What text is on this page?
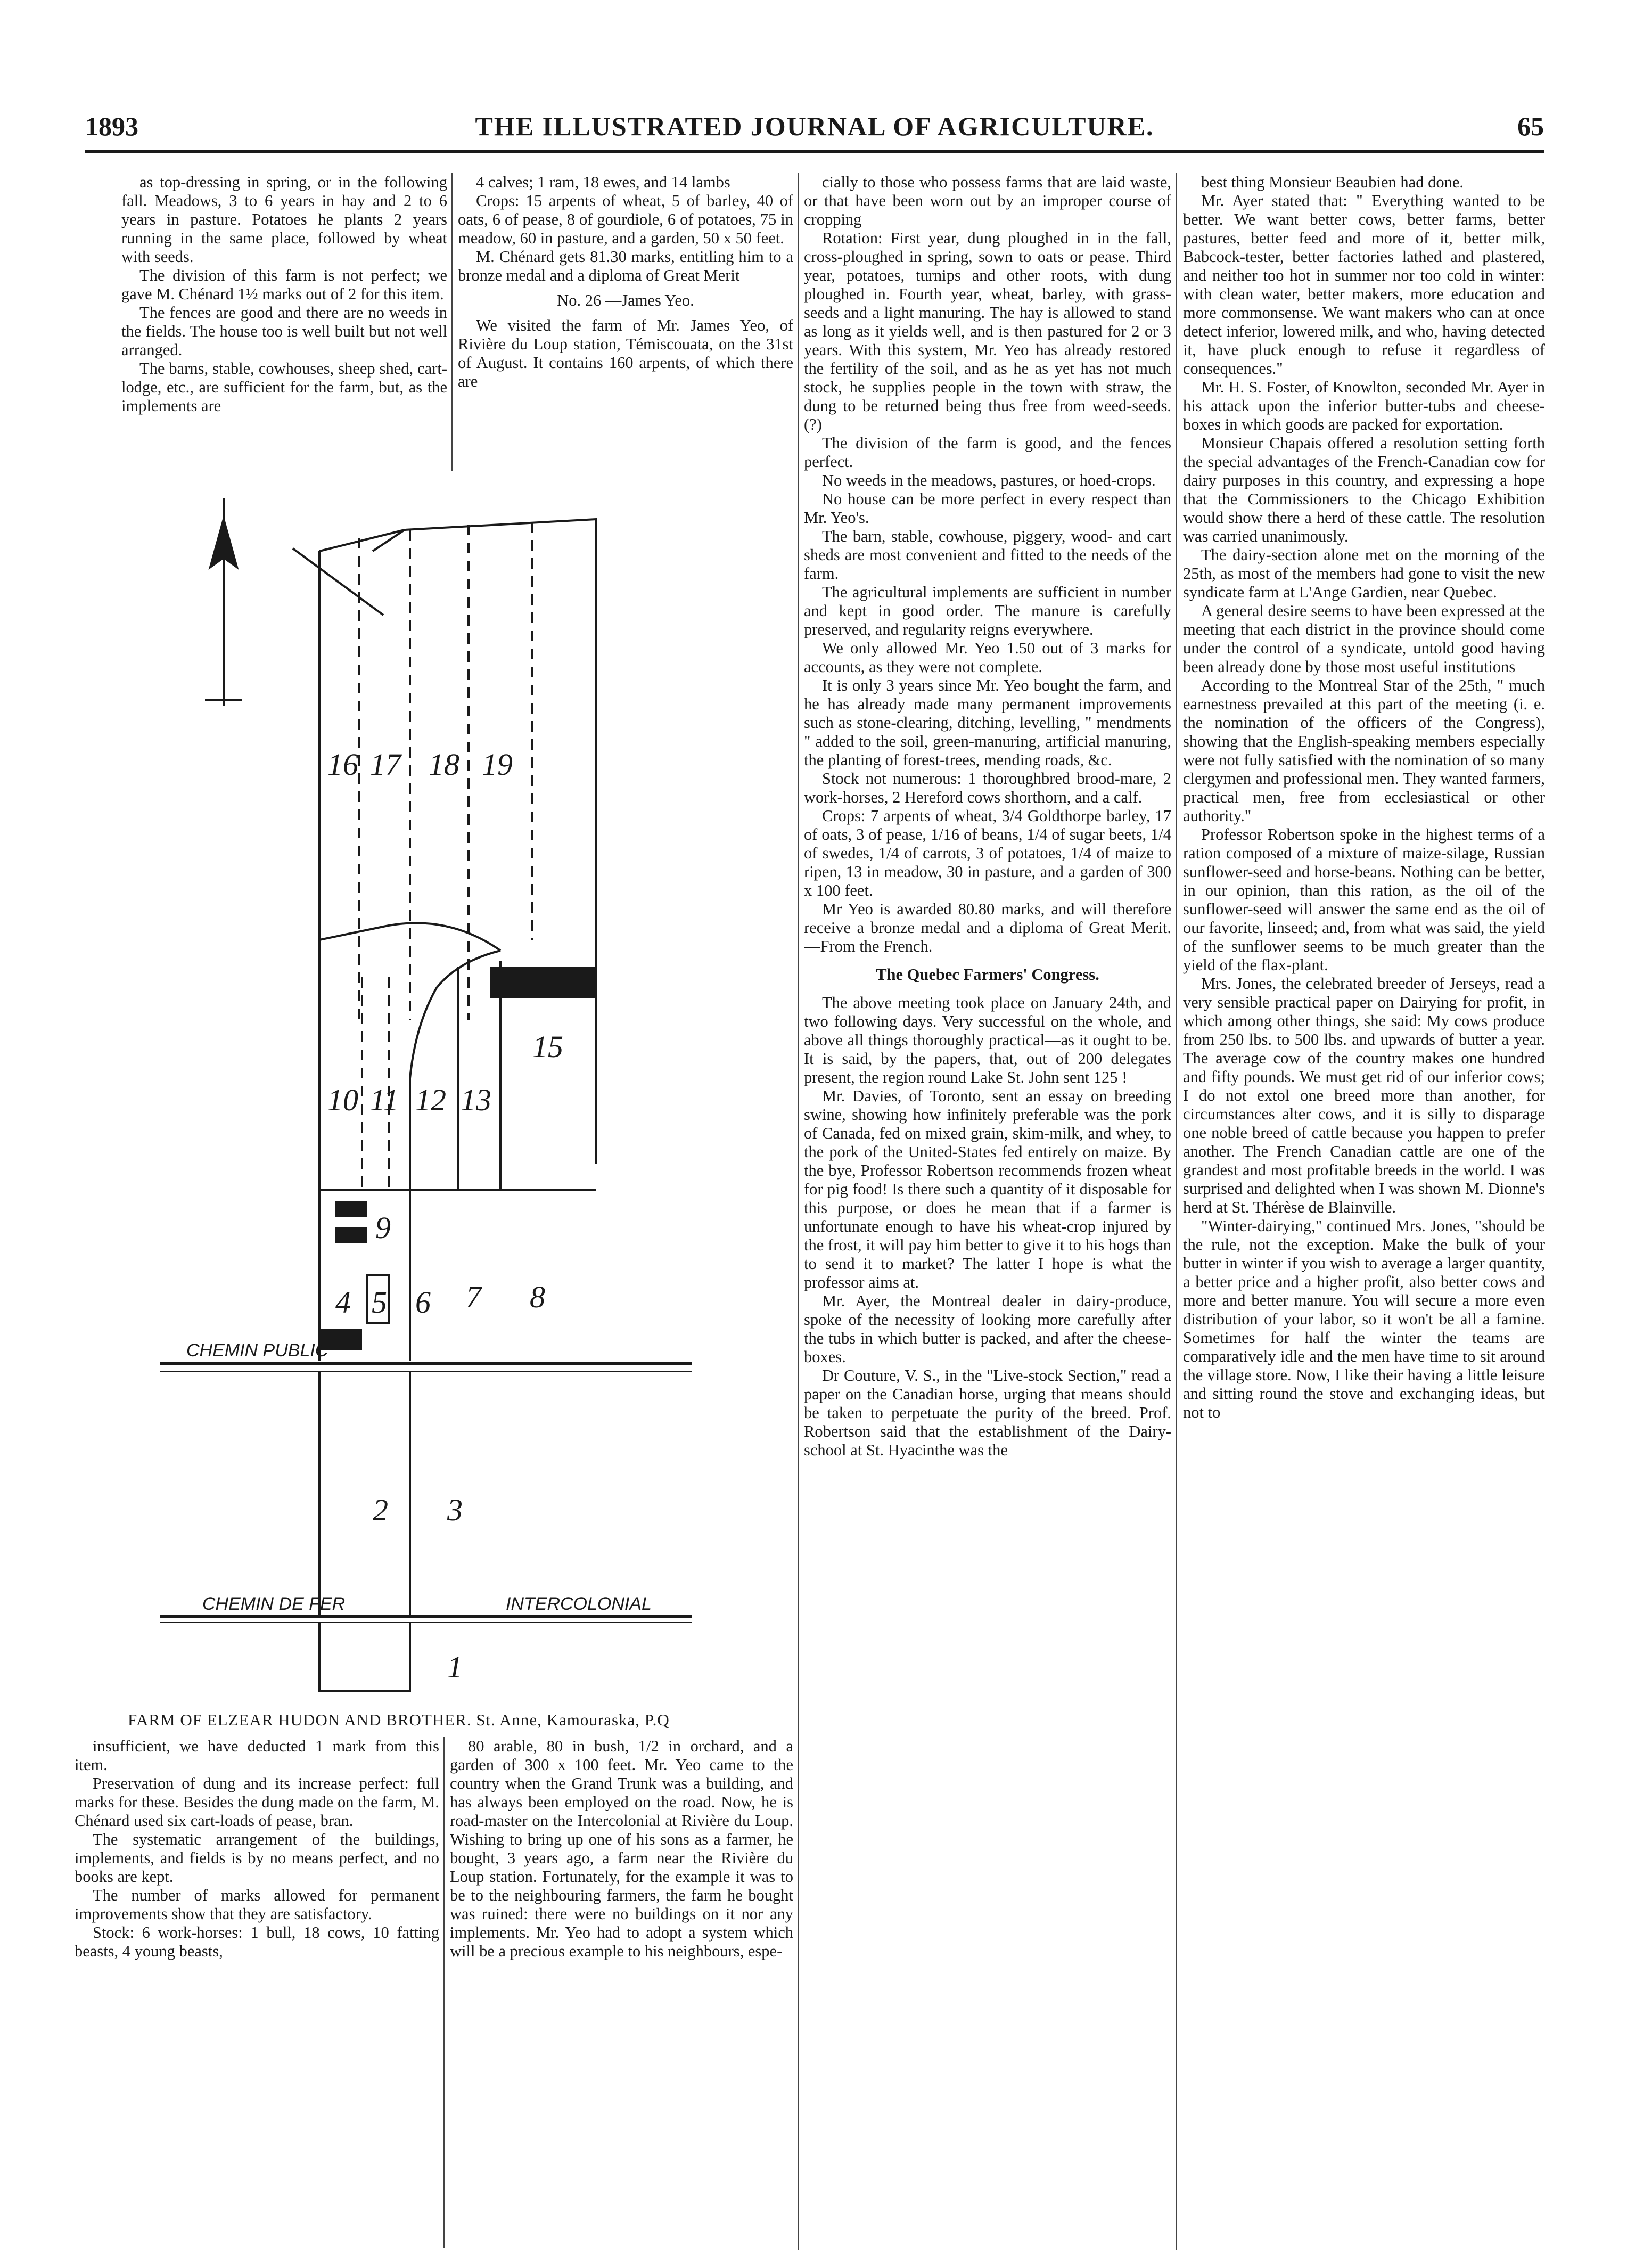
1893	THE ILLUSTRATED JOURNAL OF AGRICULTURE.	65

as top-dressing in spring, or in the following fall. Meadows, 3 to 6 years in hay and 2 to 6 years in pasture. Potatoes he plants 2 years running in the same place, followed by wheat with seeds.

The division of this farm is not perfect; we gave M. Chénard 1½ marks out of 2 for this item.

The fences are good and there are no weeds in the fields. The house too is well built but not well arranged.

The barns, stable, cowhouses, sheep shed, cart-lodge, etc., are sufficient for the farm, but, as the implements are

4 calves; 1 ram, 18 ewes, and 14 lambs

Crops: 15 arpents of wheat, 5 of barley, 40 of oats, 6 of pease, 8 of gourdiole, 6 of potatoes, 75 in meadow, 60 in pasture, and a garden, 50 x 50 feet.

M. Chénard gets 81.30 marks, entitling him to a bronze medal and a diploma of Great Merit

No. 26 —James Yeo.

We visited the farm of Mr. James Yeo, of Rivière du Loup station, Témiscouata, on the 31st of August. It contains 160 arpents, of which there are

cially to those who possess farms that are laid waste, or that have been worn out by an improper course of cropping

Rotation: First year, dung ploughed in in the fall, cross-ploughed in spring, sown to oats or pease. Third year, potatoes, turnips and other roots, with dung ploughed in. Fourth year, wheat, barley, with grass-seeds and a light manuring. The hay is allowed to stand as long as it yields well, and is then pastured for 2 or 3 years. With this system, Mr. Yeo has already restored the fertility of the soil, and as he as yet has not much stock, he supplies people in the town with straw, the dung to be returned being thus free from weed-seeds. (?)

The division of the farm is good, and the fences perfect.

No weeds in the meadows, pastures, or hoed-crops.

No house can be more perfect in every respect than Mr. Yeo's.

The barn, stable, cowhouse, piggery, wood- and cart sheds are most convenient and fitted to the needs of the farm.

The agricultural implements are sufficient in number and kept in good order. The manure is carefully preserved, and regularity reigns everywhere.

We only allowed Mr. Yeo 1.50 out of 3 marks for accounts, as they were not complete.

It is only 3 years since Mr. Yeo bought the farm, and he has already made many permanent improvements such as stone-clearing, ditching, levelling, " mendments " added to the soil, green-manuring, artificial manuring, the planting of forest-trees, mending roads, &c.

Stock not numerous: 1 thoroughbred brood-mare, 2 work-horses, 2 Hereford cows shorthorn, and a calf.

Crops: 7 arpents of wheat, 3/4 Goldthorpe barley, 17 of oats, 3 of pease, 1/16 of beans, 1/4 of sugar beets, 1/4 of swedes, 1/4 of carrots, 3 of potatoes, 1/4 of maize to ripen, 13 in meadow, 30 in pasture, and a garden of 300 x 100 feet.

Mr Yeo is awarded 80.80 marks, and will therefore receive a bronze medal and a diploma of Great Merit. —From the French.

The Quebec Farmers' Congress.

The above meeting took place on January 24th, and two following days. Very successful on the whole, and above all things thoroughly practical—as it ought to be. It is said, by the papers, that, out of 200 delegates present, the region round Lake St. John sent 125 !

Mr. Davies, of Toronto, sent an essay on breeding swine, showing how infinitely preferable was the pork of Canada, fed on mixed grain, skim-milk, and whey, to the pork of the United-States fed entirely on maize. By the bye, Professor Robertson recommends frozen wheat for pig food! Is there such a quantity of it disposable for this purpose, or does he mean that if a farmer is unfortunate enough to have his wheat-crop injured by the frost, it will pay him better to give it to his hogs than to send it to market? The latter I hope is what the professor aims at.

Mr. Ayer, the Montreal dealer in dairy-produce, spoke of the necessity of looking more carefully after the tubs in which butter is packed, and after the cheese-boxes.

Dr Couture, V. S., in the "Live-stock Section," read a paper on the Canadian horse, urging that means should be taken to perpetuate the purity of the breed. Prof. Robertson said that the establishment of the Dairy-school at St. Hyacinthe was the

best thing Monsieur Beaubien had done.

Mr. Ayer stated that: " Everything wanted to be better. We want better cows, better farms, better pastures, better feed and more of it, better milk, Babcock-tester, better factories lathed and plastered, and neither too hot in summer nor too cold in winter: with clean water, better makers, more education and more commonsense. We want makers who can at once detect inferior, lowered milk, and who, having detected it, have pluck enough to refuse it regardless of consequences."

Mr. H. S. Foster, of Knowlton, seconded Mr. Ayer in his attack upon the inferior butter-tubs and cheese-boxes in which goods are packed for exportation.

Monsieur Chapais offered a resolution setting forth the special advantages of the French-Canadian cow for dairy purposes in this country, and expressing a hope that the Commissioners to the Chicago Exhibition would show there a herd of these cattle. The resolution was carried unanimously.

The dairy-section alone met on the morning of the 25th, as most of the members had gone to visit the new syndicate farm at L'Ange Gardien, near Quebec.

A general desire seems to have been expressed at the meeting that each district in the province should come under the control of a syndicate, untold good having been already done by those most useful institutions

According to the Montreal Star of the 25th, " much earnestness prevailed at this part of the meeting (i. e. the nomination of the officers of the Congress), showing that the English-speaking members especially were not fully satisfied with the nomination of so many clergymen and professional men. They wanted farmers, practical men, free from ecclesiastical or other authority."

Professor Robertson spoke in the highest terms of a ration composed of a mixture of maize-silage, Russian sunflower-seed and horse-beans. Nothing can be better, in our opinion, than this ration, as the oil of the sunflower-seed will answer the same end as the oil of our favorite, linseed; and, from what was said, the yield of the sunflower seems to be much greater than the yield of the flax-plant.

Mrs. Jones, the celebrated breeder of Jerseys, read a very sensible practical paper on Dairying for profit, in which among other things, she said: My cows produce from 250 lbs. to 500 lbs. and upwards of butter a year. The average cow of the country makes one hundred and fifty pounds. We must get rid of our inferior cows; I do not extol one breed more than another, for circumstances alter cows, and it is silly to disparage one noble breed of cattle because you happen to prefer another. The French Canadian cattle are one of the grandest and most profitable breeds in the world. I was surprised and delighted when I was shown M. Dionne's herd at St. Thérèse de Blainville.

"Winter-dairying," continued Mrs. Jones, "should be the rule, not the exception. Make the bulk of your butter in winter if you wish to average a larger quantity, a better price and a higher profit, also better cows and more and better manure. You will secure a more even distribution of your labor, so it won't be all a famine. Sometimes for half the winter the teams are comparatively idle and the men have time to sit around the village store. Now, I like their having a little leisure and sitting round the stove and exchanging ideas, but not to

16 17 18 19
15
10 11 12 13
9
4 5 6 7 8
2 3
1
CHEMIN PUBLIC
CHEMIN DE FER	INTERCOLONIAL
FARM OF ELZEAR HUDON AND BROTHER. St. Anne, Kamouraska, P.Q

insufficient, we have deducted 1 mark from this item.

Preservation of dung and its increase perfect: full marks for these. Besides the dung made on the farm, M. Chénard used six cart-loads of pease, bran.

The systematic arrangement of the buildings, implements, and fields is by no means perfect, and no books are kept.

The number of marks allowed for permanent improvements show that they are satisfactory.

Stock: 6 work-horses: 1 bull, 18 cows, 10 fatting beasts, 4 young beasts,

80 arable, 80 in bush, 1/2 in orchard, and a garden of 300 x 100 feet. Mr. Yeo came to the country when the Grand Trunk was a building, and has always been employed on the road. Now, he is road-master on the Intercolonial at Rivière du Loup. Wishing to bring up one of his sons as a farmer, he bought, 3 years ago, a farm near the Rivière du Loup station. Fortunately, for the example it was to be to the neighbouring farmers, the farm he bought was ruined: there were no buildings on it nor any implements. Mr. Yeo had to adopt a system which will be a precious example to his neighbours, espe-
